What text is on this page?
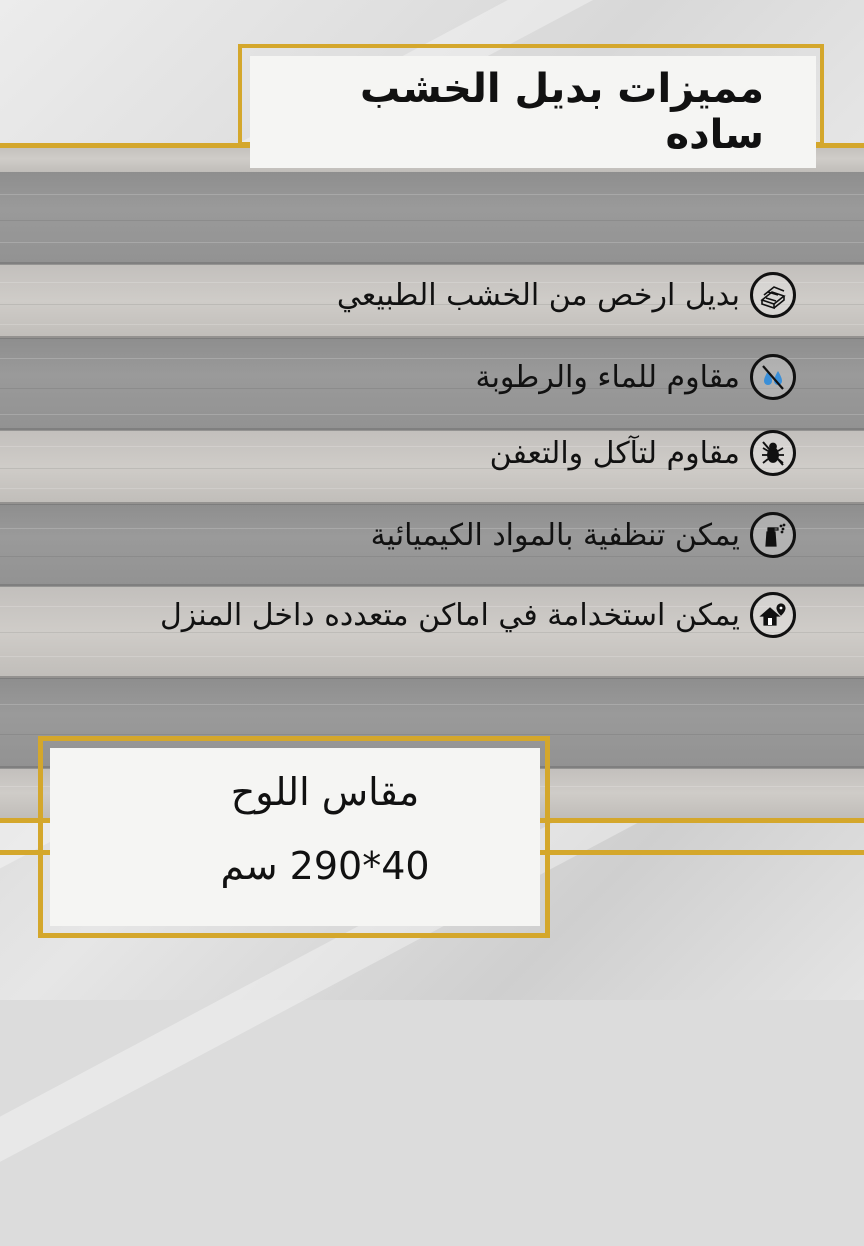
مميزات بديل الخشب ساده
بديل ارخص من الخشب الطبيعي
مقاوم للماء والرطوبة
مقاوم لتآكل والتعفن
يمكن تنظفية بالمواد الكيميائية
يمكن استخدامة في اماكن متعدده داخل المنزل
مقاس اللوح
40*290 سم
